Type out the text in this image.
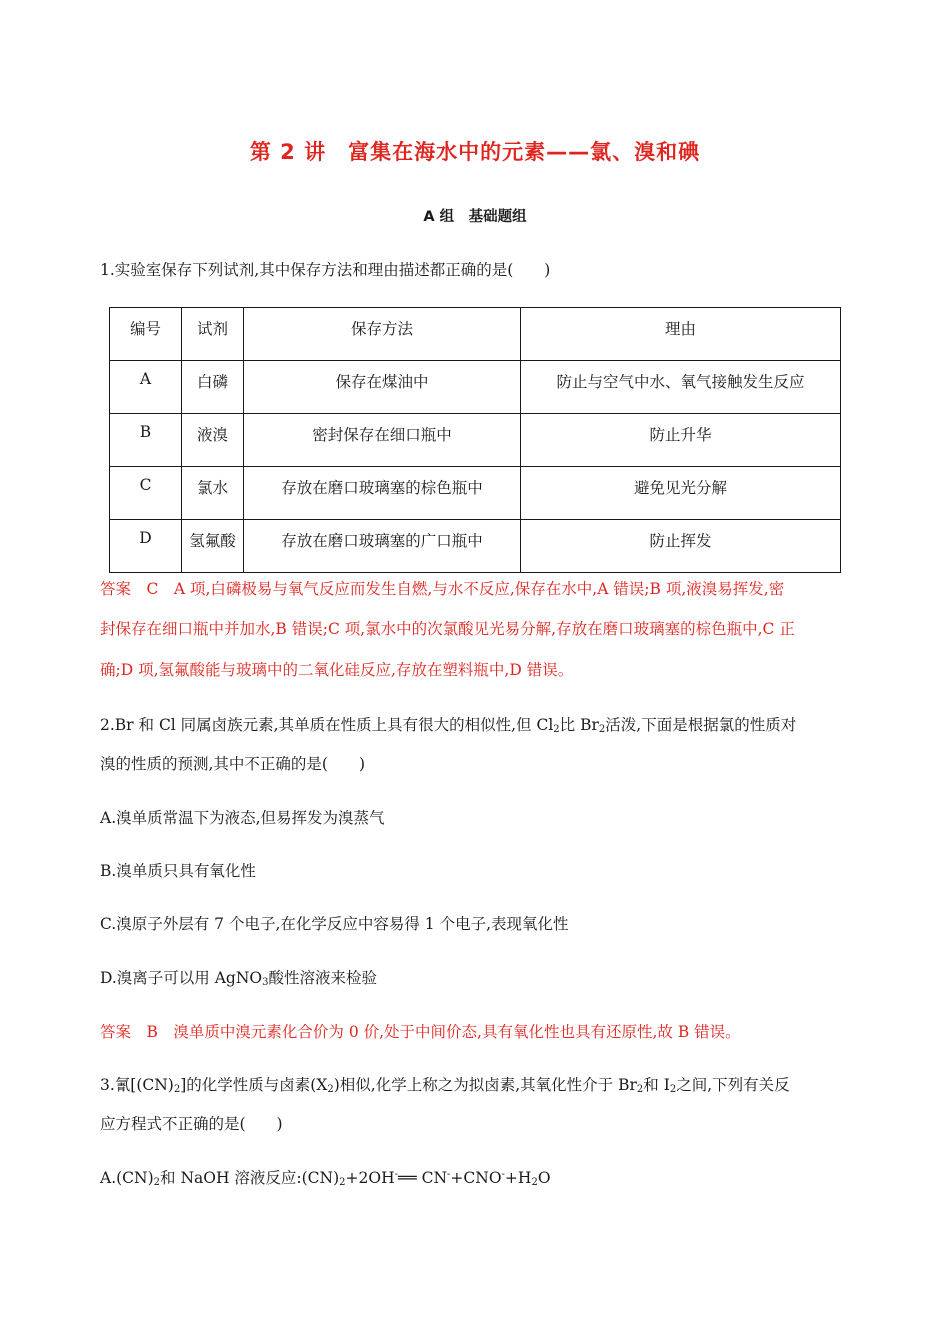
第 2 讲　富集在海水中的元素——氯、溴和碘
A 组　基础题组
1.实验室保存下列试剂,其中保存方法和理由描述都正确的是(　　)
编号	试剂	保存方法	理由
A	白磷	保存在煤油中	防止与空气中水、氧气接触发生反应
B	液溴	密封保存在细口瓶中	防止升华
C	氯水	存放在磨口玻璃塞的棕色瓶中	避免见光分解
D	氢氟酸	存放在磨口玻璃塞的广口瓶中	防止挥发
答案　C　A 项,白磷极易与氧气反应而发生自燃,与水不反应,保存在水中,A 错误;B 项,液溴易挥发,密
封保存在细口瓶中并加水,B 错误;C 项,氯水中的次氯酸见光易分解,存放在磨口玻璃塞的棕色瓶中,C 正
确;D 项,氢氟酸能与玻璃中的二氧化硅反应,存放在塑料瓶中,D 错误。
2.Br 和 Cl 同属卤族元素,其单质在性质上具有很大的相似性,但 $Cl_2$比 $Br_2$活泼,下面是根据氯的性质对
溴的性质的预测,其中不正确的是(　　)
A.溴单质常温下为液态,但易挥发为溴蒸气
B.溴单质只具有氧化性
C.溴原子外层有 7 个电子,在化学反应中容易得 1 个电子,表现氧化性
D.溴离子可以用 AgNO$_3$酸性溶液来检验
答案　B　溴单质中溴元素化合价为 0 价,处于中间价态,具有氧化性也具有还原性,故 B 错误。
3.氰$[(CN)_2]$的化学性质与卤素$(X_2)$相似,化学上称之为拟卤素,其氧化性介于 $Br_2$和 $I_2$之间,下列有关反
应方程式不正确的是(　　)
$A.(CN)_2$和 NaOH 溶液反应$:(CN)_2+2OH^-══$ $CN^-+CNO^-+H_2O$
